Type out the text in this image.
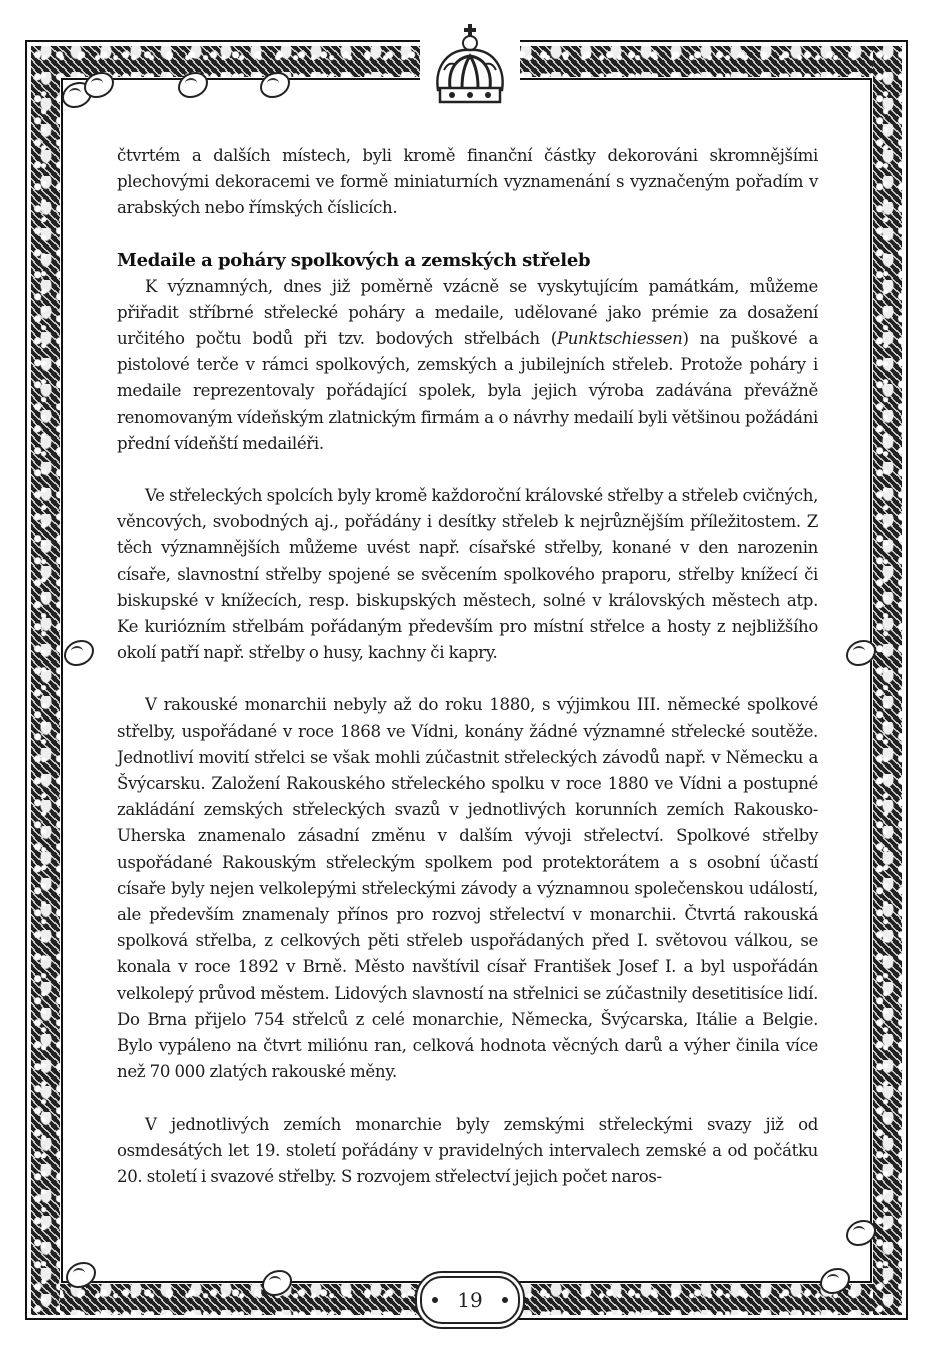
čtvrtém a dalších místech, byli kromě finanční částky dekorováni skromnějšími plechovými dekoracemi ve formě miniaturních vyznamenání s vyznačeným pořadím v arabských nebo římských číslicích.

Medaile a poháry spolkových a zemských střeleb

K významných, dnes již poměrně vzácně se vyskytujícím památkám, můžeme přiřadit stříbrné střelecké poháry a medaile, udělované jako prémie za dosažení určitého počtu bodů při tzv. bodových střelbách (Punktschiessen) na puškové a pistolové terče v rámci spolkových, zemských a jubilejních střeleb. Protože poháry i medaile reprezentovaly pořádající spolek, byla jejich výroba zadávána převážně renomovaným vídeňským zlatnickým firmám a o návrhy medailí byli většinou požádáni přední vídeňští medailéři.

Ve střeleckých spolcích byly kromě každoroční královské střelby a střeleb cvičných, věncových, svobodných aj., pořádány i desítky střeleb k nejrůznějším příležitostem. Z těch významnějších můžeme uvést např. císařské střelby, konané v den narozenin císaře, slavnostní střelby spojené se svěcením spolkového praporu, střelby knížecí či biskupské v knížecích, resp. biskupských městech, solné v královských městech atp. Ke kuriózním střelbám pořádaným především pro místní střelce a hosty z nejbližšího okolí patří např. střelby o husy, kachny či kapry.

V rakouské monarchii nebyly až do roku 1880, s výjimkou III. německé spolkové střelby, uspořádané v roce 1868 ve Vídni, konány žádné významné střelecké soutěže. Jednotliví movití střelci se však mohli zúčastnit střeleckých závodů např. v Německu a Švýcarsku. Založení Rakouského střeleckého spolku v roce 1880 ve Vídni a postupné zakládání zemských střeleckých svazů v jednotlivých korunních zemích Rakousko-Uherska znamenalo zásadní změnu v dalším vývoji střelectví. Spolkové střelby uspořádané Rakouským střeleckým spolkem pod protektorátem a s osobní účastí císaře byly nejen velkolepými střeleckými závody a významnou společenskou událostí, ale především znamenaly přínos pro rozvoj střelectví v monarchii. Čtvrtá rakouská spolková střelba, z celkových pěti střeleb uspořádaných před I. světovou válkou, se konala v roce 1892 v Brně. Město navštívil císař František Josef I. a byl uspořádán velkolepý průvod městem. Lidových slavností na střelnici se zúčastnily desetitisíce lidí. Do Brna přijelo 754 střelců z celé monarchie, Německa, Švýcarska, Itálie a Belgie. Bylo vypáleno na čtvrt miliónu ran, celková hodnota věcných darů a výher činila více než 70 000 zlatých rakouské měny.

V jednotlivých zemích monarchie byly zemskými střeleckými svazy již od osmdesátých let 19. století pořádány v pravidelných intervalech zemské a od počátku 20. století i svazové střelby. S rozvojem střelectví jejich počet naros-

19
